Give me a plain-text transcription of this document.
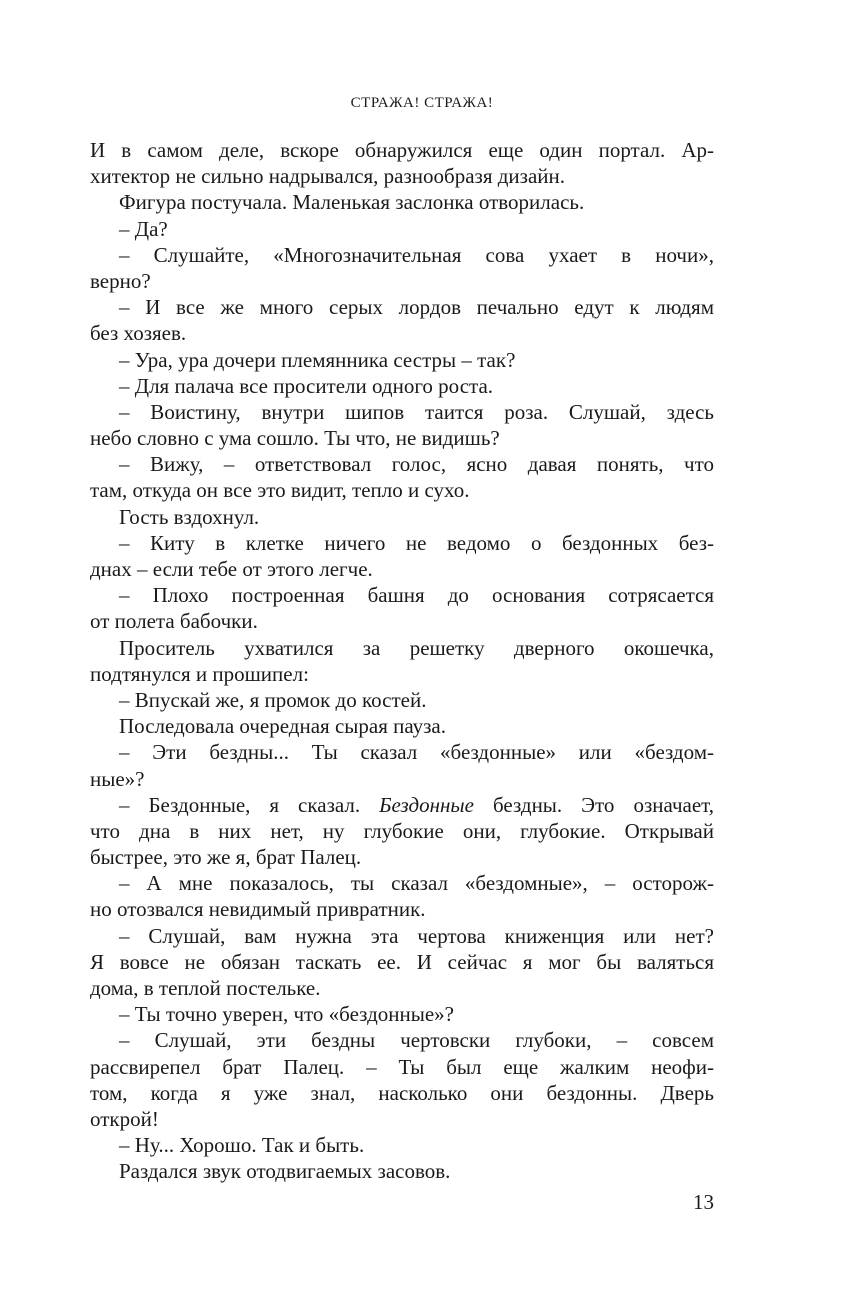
СТРАЖА! СТРАЖА!
И в самом деле, вскоре обнаружился еще один портал. Ар-
хитектор не сильно надрывался, разнообразя дизайн.
Фигура постучала. Маленькая заслонка отворилась.
– Да?
– Слушайте, «Многозначительная сова ухает в ночи»,
верно?
– И все же много серых лордов печально едут к людям
без хозяев.
– Ура, ура дочери племянника сестры – так?
– Для палача все просители одного роста.
– Воистину, внутри шипов таится роза. Слушай, здесь
небо словно с ума сошло. Ты что, не видишь?
– Вижу, – ответствовал голос, ясно давая понять, что
там, откуда он все это видит, тепло и сухо.
Гость вздохнул.
– Киту в клетке ничего не ведомо о бездонных без-
днах – если тебе от этого легче.
– Плохо построенная башня до основания сотрясается
от полета бабочки.
Проситель ухватился за решетку дверного окошечка,
подтянулся и прошипел:
– Впускай же, я промок до костей.
Последовала очередная сырая пауза.
– Эти бездны... Ты сказал «бездонные» или «бездом-
ные»?
– Бездонные, я сказал. Бездонные бездны. Это означает,
что дна в них нет, ну глубокие они, глубокие. Открывай
быстрее, это же я, брат Палец.
– А мне показалось, ты сказал «бездомные», – осторож-
но отозвался невидимый привратник.
– Слушай, вам нужна эта чертова книженция или нет?
Я вовсе не обязан таскать ее. И сейчас я мог бы валяться
дома, в теплой постельке.
– Ты точно уверен, что «бездонные»?
– Слушай, эти бездны чертовски глубоки, – совсем
рассвирепел брат Палец. – Ты был еще жалким неофи-
том, когда я уже знал, насколько они бездонны. Дверь
открой!
– Ну... Хорошо. Так и быть.
Раздался звук отодвигаемых засовов.
13
